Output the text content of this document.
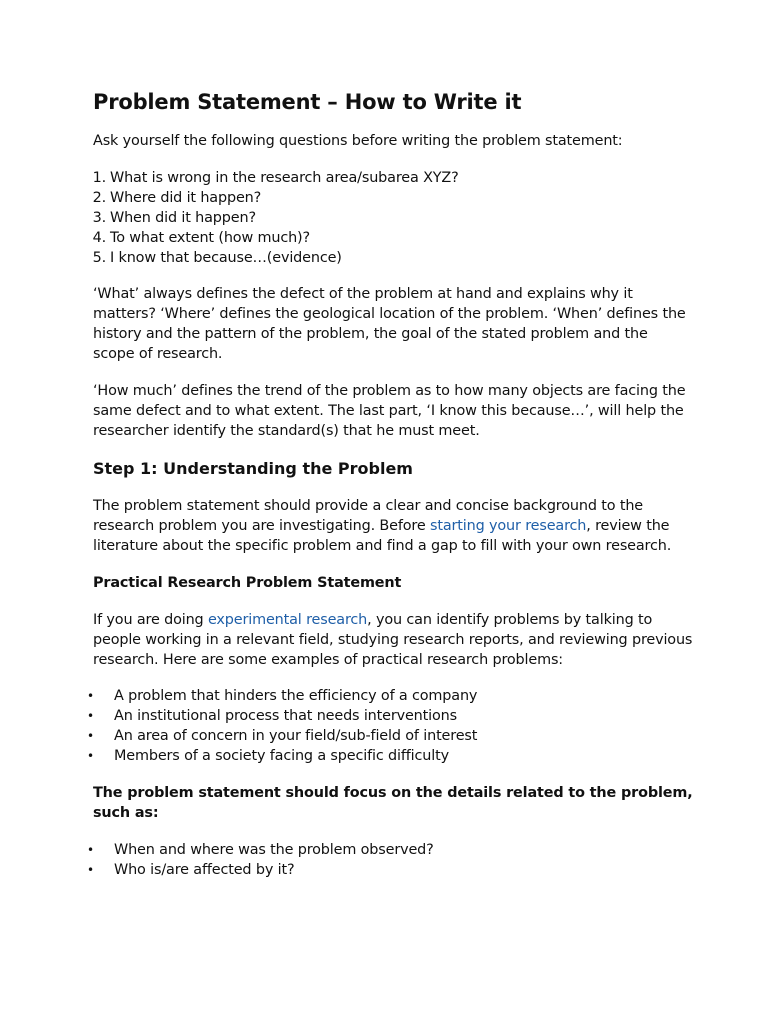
Problem Statement – How to Write it

Ask yourself the following questions before writing the problem statement:

1. What is wrong in the research area/subarea XYZ?
2. Where did it happen?
3. When did it happen?
4. To what extent (how much)?
5. I know that because…(evidence)

‘What’ always defines the defect of the problem at hand and explains why it matters? ‘Where’ defines the geological location of the problem. ‘When’ defines the history and the pattern of the problem, the goal of the stated problem and the scope of research.

‘How much’ defines the trend of the problem as to how many objects are facing the same defect and to what extent. The last part, ‘I know this because…’, will help the researcher identify the standard(s) that he must meet.

Step 1: Understanding the Problem

The problem statement should provide a clear and concise background to the research problem you are investigating. Before starting your research, review the literature about the specific problem and find a gap to fill with your own research.

Practical Research Problem Statement

If you are doing experimental research, you can identify problems by talking to people working in a relevant field, studying research reports, and reviewing previous research. Here are some examples of practical research problems:

• A problem that hinders the efficiency of a company
• An institutional process that needs interventions
• An area of concern in your field/sub-field of interest
• Members of a society facing a specific difficulty

The problem statement should focus on the details related to the problem, such as:

• When and where was the problem observed?
• Who is/are affected by it?
